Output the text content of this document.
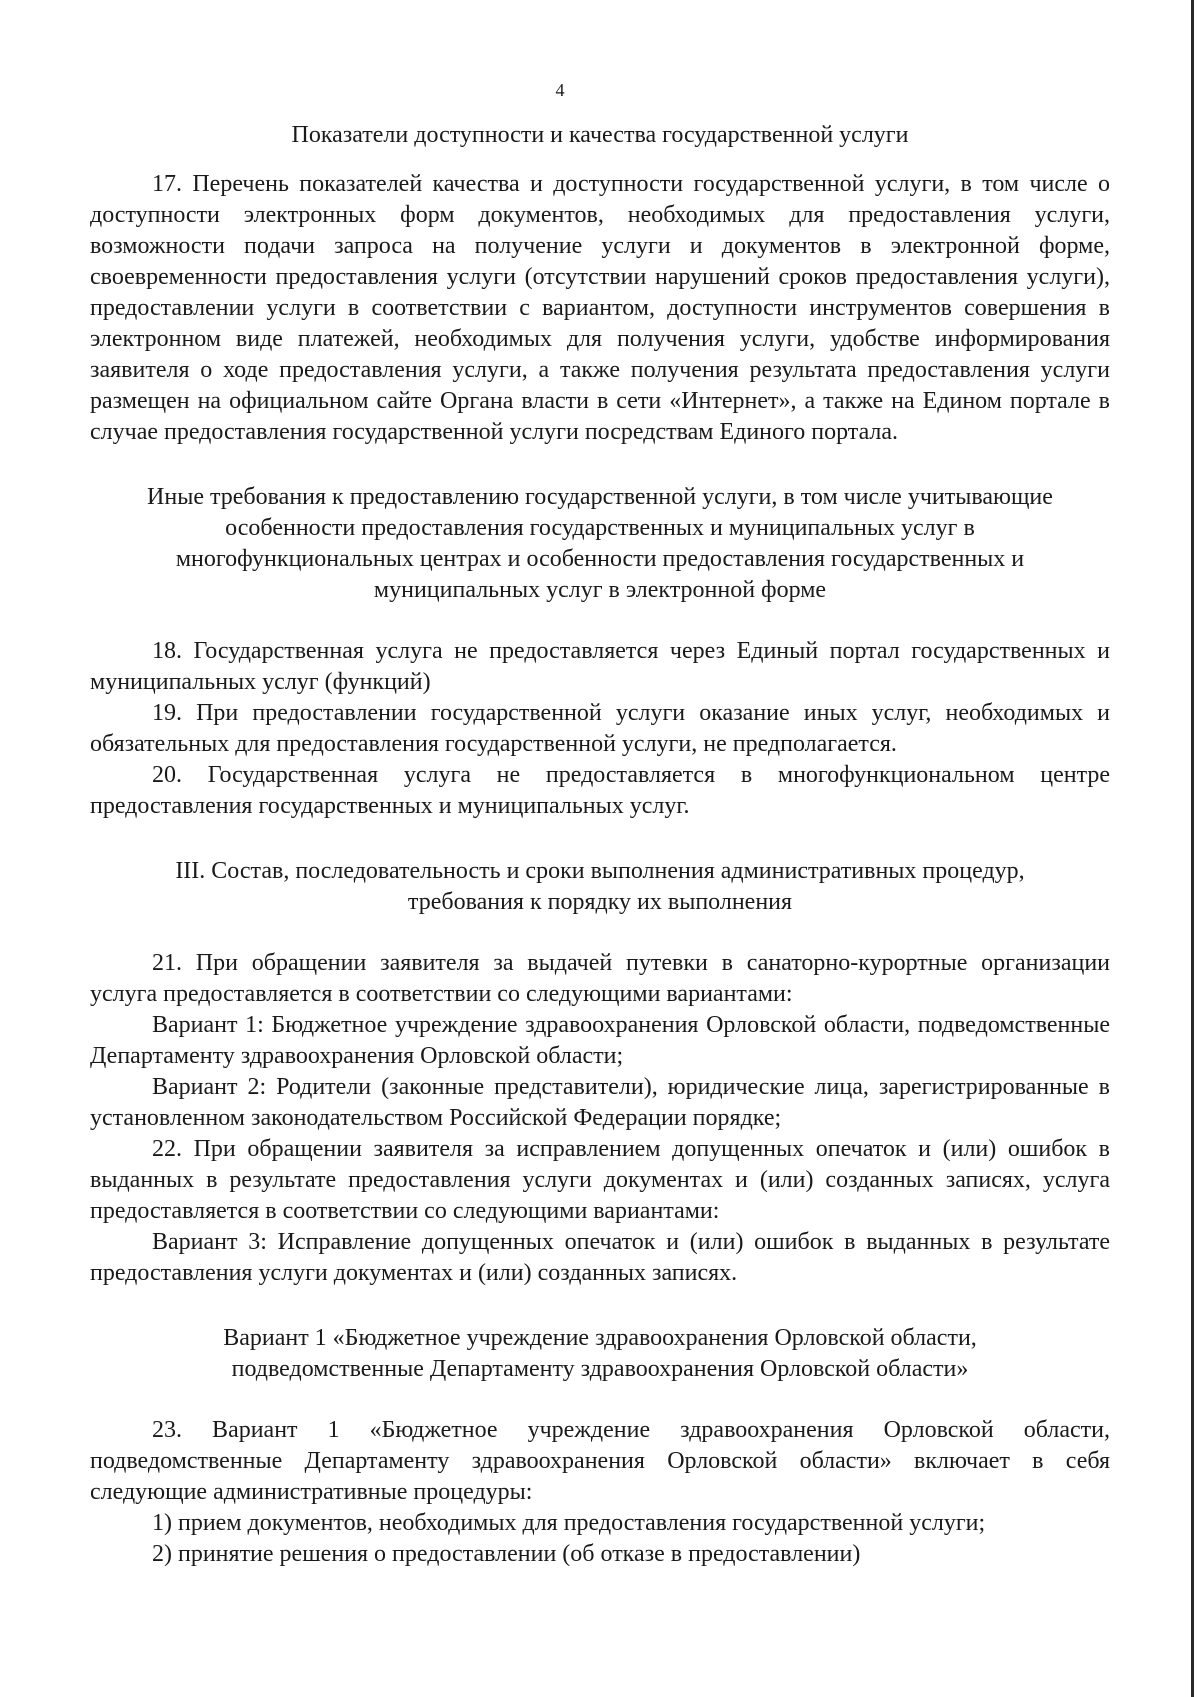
4

Показатели доступности и качества государственной услуги

17. Перечень показателей качества и доступности государственной услуги, в том числе о доступности электронных форм документов, необходимых для предоставления услуги, возможности подачи запроса на получение услуги и документов в электронной форме, своевременности предоставления услуги (отсутствии нарушений сроков предоставления услуги), предоставлении услуги в соответствии с вариантом, доступности инструментов совершения в электронном виде платежей, необходимых для получения услуги, удобстве информирования заявителя о ходе предоставления услуги, а также получения результата предоставления услуги размещен на официальном сайте Органа власти в сети «Интернет», а также на Едином портале в случае предоставления государственной услуги посредствам Единого портала.

Иные требования к предоставлению государственной услуги, в том числе учитывающие особенности предоставления государственных и муниципальных услуг в многофункциональных центрах и особенности предоставления государственных и муниципальных услуг в электронной форме

18. Государственная услуга не предоставляется через Единый портал государственных и муниципальных услуг (функций)

19. При предоставлении государственной услуги оказание иных услуг, необходимых и обязательных для предоставления государственной услуги, не предполагается.

20. Государственная услуга не предоставляется в многофункциональном центре предоставления государственных и муниципальных услуг.

III. Состав, последовательность и сроки выполнения административных процедур, требования к порядку их выполнения

21. При обращении заявителя за выдачей путевки в санаторно-курортные организации услуга предоставляется в соответствии со следующими вариантами:

Вариант 1: Бюджетное учреждение здравоохранения Орловской области, подведомственные Департаменту здравоохранения Орловской области;

Вариант 2: Родители (законные представители), юридические лица, зарегистрированные в установленном законодательством Российской Федерации порядке;

22. При обращении заявителя за исправлением допущенных опечаток и (или) ошибок в выданных в результате предоставления услуги документах и (или) созданных записях, услуга предоставляется в соответствии со следующими вариантами:

Вариант 3: Исправление допущенных опечаток и (или) ошибок в выданных в результате предоставления услуги документах и (или) созданных записях.

Вариант 1 «Бюджетное учреждение здравоохранения Орловской области, подведомственные Департаменту здравоохранения Орловской области»

23. Вариант 1 «Бюджетное учреждение здравоохранения Орловской области, подведомственные Департаменту здравоохранения Орловской области» включает в себя следующие административные процедуры:

1) прием документов, необходимых для предоставления государственной услуги;

2) принятие решения о предоставлении (об отказе в предоставлении)
